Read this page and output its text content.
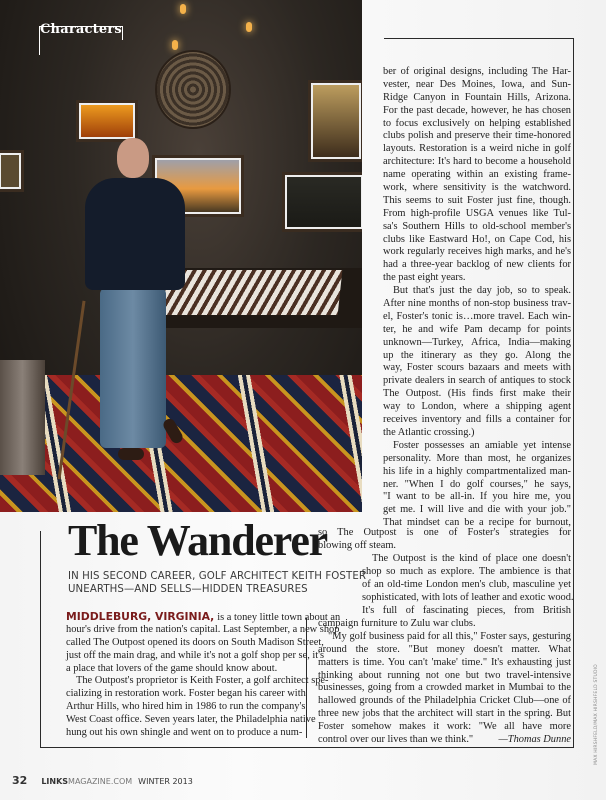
Characters
The Wanderer
IN HIS SECOND CAREER, GOLF ARCHITECT KEITH FOSTER
UNEARTHS—AND SELLS—HIDDEN TREASURES
MIDDLEBURG, VIRGINIA, is a toney little town about an
hour's drive from the nation's capital. Last September, a new shop
called The Outpost opened its doors on South Madison Street,
just off the main drag, and while it's not a golf shop per se, it's
a place that lovers of the game should know about.
The Outpost's proprietor is Keith Foster, a golf architect spe-
cializing in restoration work. Foster began his career with
Arthur Hills, who hired him in 1986 to run the company's
West Coast office. Seven years later, the Philadelphia native
hung out his own shingle and went on to produce a num-
ber of original designs, including The Har-
vester, near Des Moines, Iowa, and Sun-
Ridge Canyon in Fountain Hills, Arizona.
For the past decade, however, he has chosen
to focus exclusively on helping established
clubs polish and preserve their time-honored
layouts. Restoration is a weird niche in golf
architecture: It's hard to become a household
name operating within an existing frame-
work, where sensitivity is the watchword.
This seems to suit Foster just fine, though.
From high-profile USGA venues like Tul-
sa's Southern Hills to old-school member's
clubs like Eastward Ho!, on Cape Cod, his
work regularly receives high marks, and he's
had a three-year backlog of new clients for
the past eight years.
But that's just the day job, so to speak.
After nine months of non-stop business trav-
el, Foster's tonic is…more travel. Each win-
ter, he and wife Pam decamp for points
unknown—Turkey, Africa, India—making
up the itinerary as they go. Along the
way, Foster scours bazaars and meets with
private dealers in search of antiques to stock
The Outpost. (His finds first make their
way to London, where a shipping agent
receives inventory and fills a container for
the Atlantic crossing.)
Foster possesses an amiable yet intense
personality. More than most, he organizes
his life in a highly compartmentalized man-
ner. "When I do golf courses," he says,
"I want to be all-in. If you hire me, you
get me. I will live and die with your job."
That mindset can be a recipe for burnout,
so The Outpost is one of Foster's strategies for
blowing off steam.
The Outpost is the kind of place one doesn't
shop so much as explore. The ambience is that
of an old-time London men's club, masculine yet
sophisticated, with lots of leather and exotic wood.
It's full of fascinating pieces, from British
campaign furniture to Zulu war clubs.
"My golf business paid for all this," Foster says, gesturing
around the store. "But money doesn't matter. What
matters is time. You can't 'make' time." It's exhausting just
thinking about running not one but two travel-intensive
businesses, going from a crowded market in Mumbai to the
hallowed grounds of the Philadelphia Cricket Club—one of
three new jobs that the architect will start in the spring. But
Foster somehow makes it work: "We all have more
control over our lives than we think." —Thomas Dunne
32 LINKSMAGAZINE.COM WINTER 2013
MAX HIRSHFELD/MAX HIRSHFELD STUDIO
